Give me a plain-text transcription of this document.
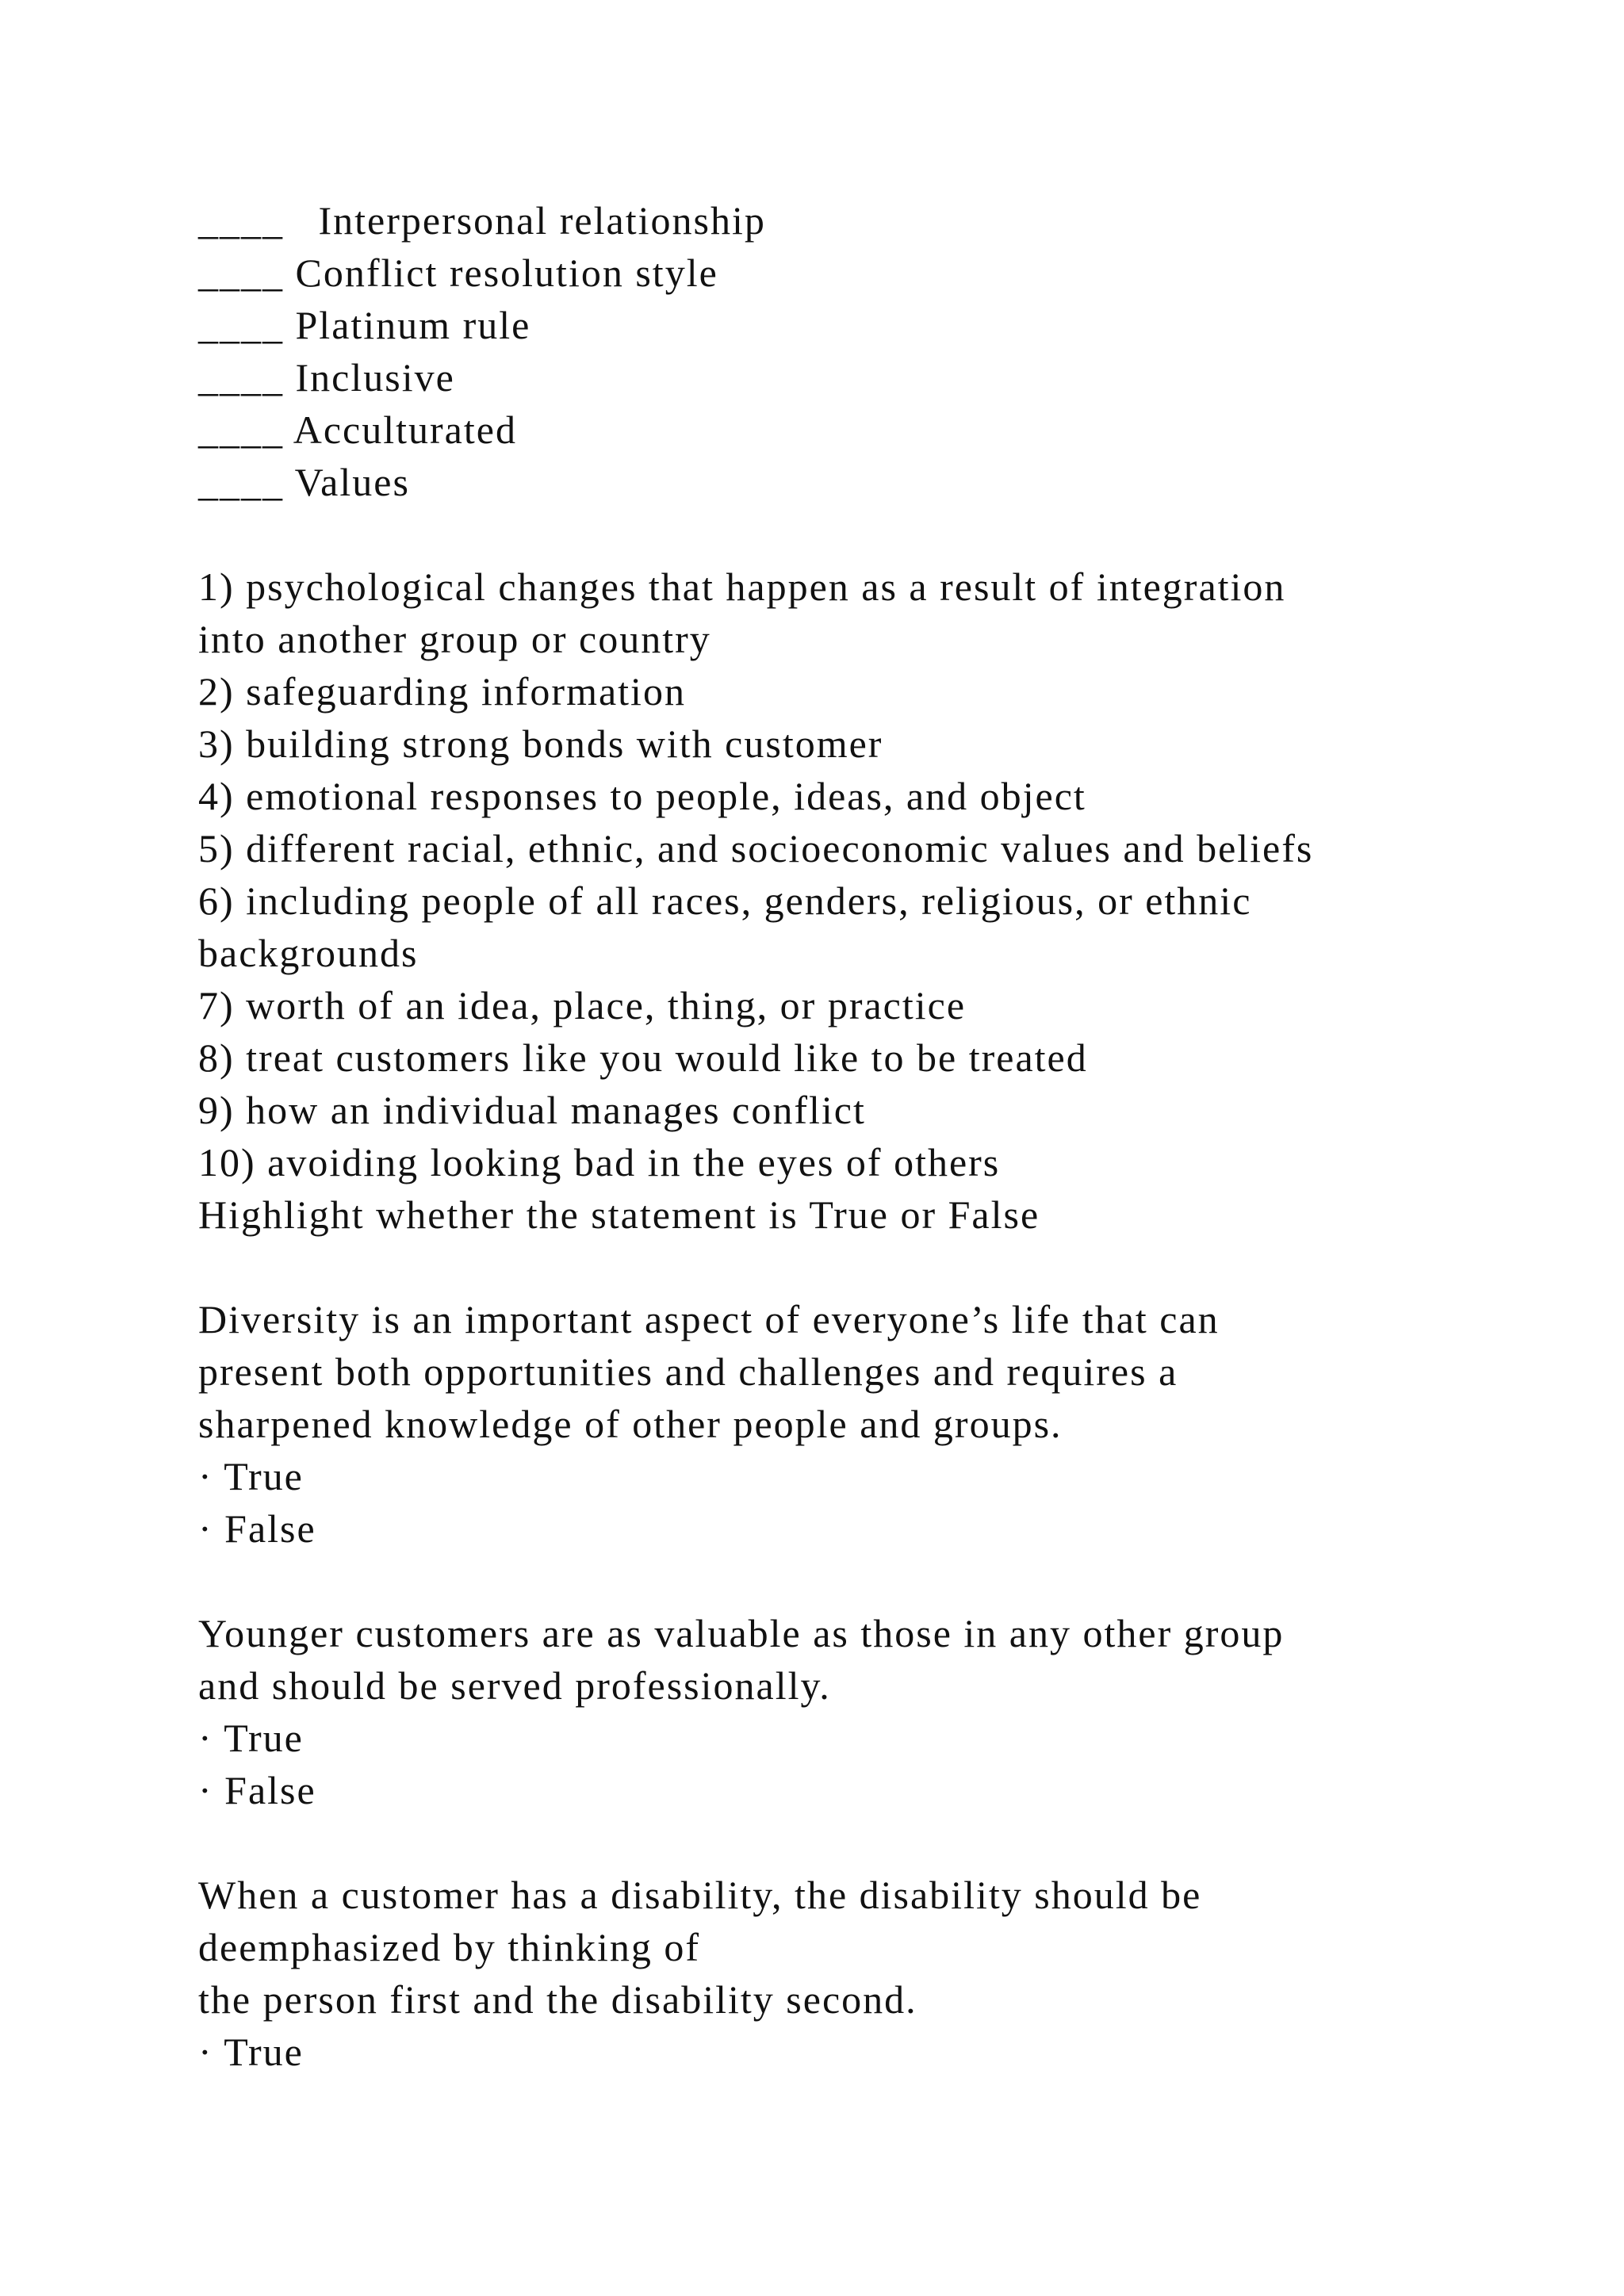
____   Interpersonal relationship
____ Conflict resolution style
____ Platinum rule
____ Inclusive
____ Acculturated
____ Values
1) psychological changes that happen as a result of integration
into another group or country
2) safeguarding information
3) building strong bonds with customer
4) emotional responses to people, ideas, and object
5) different racial, ethnic, and socioeconomic values and beliefs
6) including people of all races, genders, religious, or ethnic
backgrounds
7) worth of an idea, place, thing, or practice
8) treat customers like you would like to be treated
9) how an individual manages conflict
10) avoiding looking bad in the eyes of others
Highlight whether the statement is True or False
Diversity is an important aspect of everyone’s life that can
present both opportunities and challenges and requires a
sharpened knowledge of other people and groups.
· True
· False
Younger customers are as valuable as those in any other group
and should be served professionally.
· True
· False
When a customer has a disability, the disability should be
deemphasized by thinking of
the person first and the disability second.
· True
